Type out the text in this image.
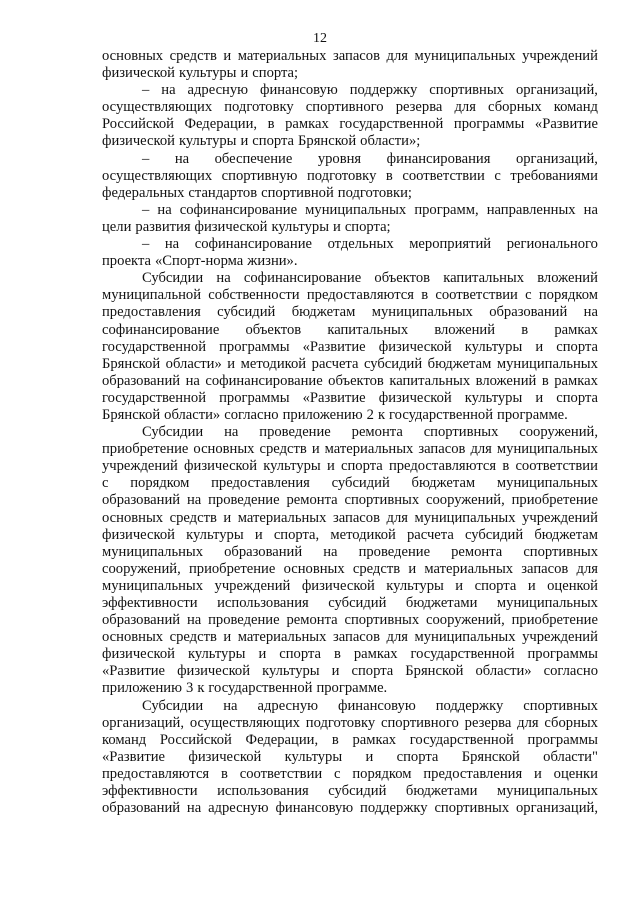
12
основных средств и материальных запасов для муниципальных учреждений
физической культуры и спорта;
– на адресную финансовую поддержку спортивных организаций,
осуществляющих подготовку спортивного резерва для сборных команд
Российской Федерации, в рамках государственной программы «Развитие
физической культуры и спорта Брянской области»;
– на обеспечение уровня финансирования организаций,
осуществляющих спортивную подготовку в соответствии с требованиями
федеральных стандартов спортивной подготовки;
– на софинансирование муниципальных программ, направленных на
цели развития физической культуры и спорта;
– на софинансирование отдельных мероприятий регионального
проекта «Спорт-норма жизни».
Субсидии на софинансирование объектов капитальных вложений
муниципальной собственности предоставляются в соответствии с порядком
предоставления субсидий бюджетам муниципальных образований на
софинансирование объектов капитальных вложений в рамках
государственной программы «Развитие физической культуры и спорта
Брянской области» и методикой расчета субсидий бюджетам муниципальных
образований на софинансирование объектов капитальных вложений в рамках
государственной программы «Развитие физической культуры и спорта
Брянской области» согласно приложению 2 к государственной программе.
Субсидии на проведение ремонта спортивных сооружений,
приобретение основных средств и материальных запасов для муниципальных
учреждений физической культуры и спорта предоставляются в соответствии
с порядком предоставления субсидий бюджетам муниципальных
образований на проведение ремонта спортивных сооружений, приобретение
основных средств и материальных запасов для муниципальных учреждений
физической культуры и спорта, методикой расчета субсидий бюджетам
муниципальных образований на проведение ремонта спортивных
сооружений, приобретение основных средств и материальных запасов для
муниципальных учреждений физической культуры и спорта и оценкой
эффективности использования субсидий бюджетами муниципальных
образований на проведение ремонта спортивных сооружений, приобретение
основных средств и материальных запасов для муниципальных учреждений
физической культуры и спорта в рамках государственной программы
«Развитие физической культуры и спорта Брянской области» согласно
приложению 3 к государственной программе.
Субсидии на адресную финансовую поддержку спортивных
организаций, осуществляющих подготовку спортивного резерва для сборных
команд Российской Федерации, в рамках государственной программы
«Развитие физической культуры и спорта Брянской области"
предоставляются в соответствии с порядком предоставления и оценки
эффективности использования субсидий бюджетами муниципальных
образований на адресную финансовую поддержку спортивных организаций,
